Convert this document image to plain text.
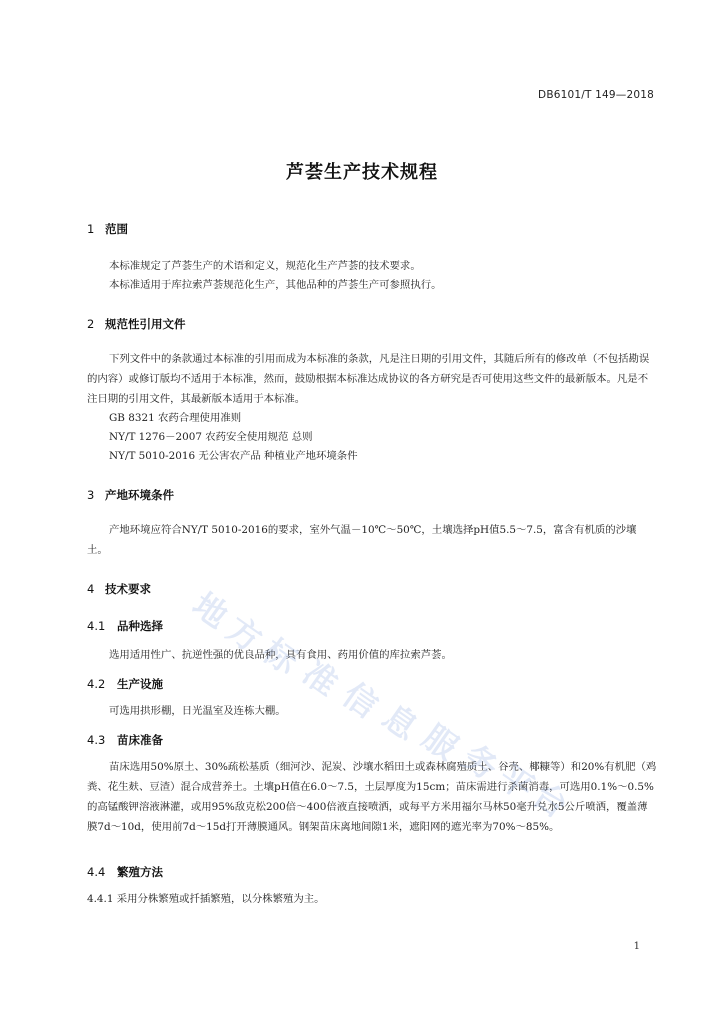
DB6101/T 149—2018
芦荟生产技术规程
1 范围
本标准规定了芦荟生产的术语和定义，规范化生产芦荟的技术要求。
本标准适用于库拉索芦荟规范化生产，其他品种的芦荟生产可参照执行。
2 规范性引用文件
下列文件中的条款通过本标准的引用而成为本标准的条款，凡是注日期的引用文件，其随后所有的修改单（不包括勘误的内容）或修订版均不适用于本标准，然而，鼓励根据本标准达成协议的各方研究是否可使用这些文件的最新版本。凡是不注日期的引用文件，其最新版本适用于本标准。
GB 8321 农药合理使用准则
NY/T 1276－2007 农药安全使用规范 总则
NY/T 5010-2016 无公害农产品 种植业产地环境条件
3 产地环境条件
产地环境应符合NY/T 5010-2016的要求，室外气温－10℃～50℃，土壤选择pH值5.5～7.5，富含有机质的沙壤土。
4 技术要求
4.1 品种选择
选用适用性广、抗逆性强的优良品种，具有食用、药用价值的库拉索芦荟。
4.2 生产设施
可选用拱形棚，日光温室及连栋大棚。
4.3 苗床准备
苗床选用50%原土、30%疏松基质（细河沙、泥炭、沙壤水稻田土或森林腐殖质土、谷壳、椰糠等）和20%有机肥（鸡粪、花生麸、豆渣）混合成营养土。土壤pH值在6.0～7.5，土层厚度为15cm；苗床需进行杀菌消毒，可选用0.1%～0.5%的高锰酸钾溶液淋灌，或用95%敌克松200倍～400倍液直接喷洒，或每平方米用福尔马林50毫升兑水5公斤喷洒，覆盖薄膜7d～10d，使用前7d～15d打开薄膜通风。钢架苗床离地间隙1米，遮阳网的遮光率为70%～85%。
4.4 繁殖方法
4.4.1 采用分株繁殖或扦插繁殖，以分株繁殖为主。
地
方
标
准
信
息
服
务
平
台
1
